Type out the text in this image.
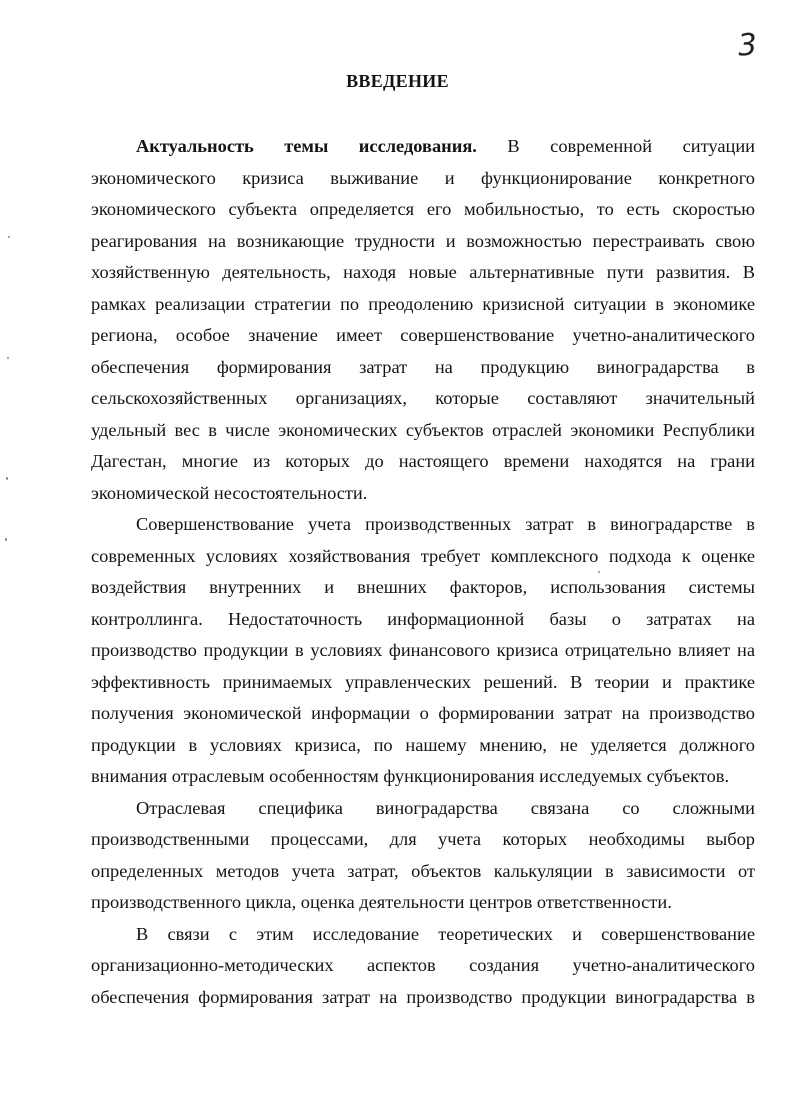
3
ВВЕДЕНИЕ
Актуальность темы исследования. В современной ситуации
экономического кризиса выживание и функционирование конкретного
экономического субъекта определяется его мобильностью, то есть скоростью
реагирования на возникающие трудности и возможностью перестраивать свою
хозяйственную деятельность, находя новые альтернативные пути развития. В
рамках реализации стратегии по преодолению кризисной ситуации в экономике
региона, особое значение имеет совершенствование учетно-аналитического
обеспечения формирования затрат на продукцию виноградарства в
сельскохозяйственных организациях, которые составляют значительный
удельный вес в числе экономических субъектов отраслей экономики Республики
Дагестан, многие из которых до настоящего времени находятся на грани
экономической несостоятельности.
Совершенствование учета производственных затрат в виноградарстве в
современных условиях хозяйствования требует комплексного подхода к оценке
воздействия внутренних и внешних факторов, использования системы
контроллинга. Недостаточность информационной базы о затратах на
производство продукции в условиях финансового кризиса отрицательно влияет на
эффективность принимаемых управленческих решений. В теории и практике
получения экономической информации о формировании затрат на производство
продукции в условиях кризиса, по нашему мнению, не уделяется должного
внимания отраслевым особенностям функционирования исследуемых субъектов.
Отраслевая специфика виноградарства связана со сложными
производственными процессами, для учета которых необходимы выбор
определенных методов учета затрат, объектов калькуляции в зависимости от
производственного цикла, оценка деятельности центров ответственности.
В связи с этим исследование теоретических и совершенствование
организационно-методических аспектов создания учетно-аналитического
обеспечения формирования затрат на производство продукции виноградарства в
